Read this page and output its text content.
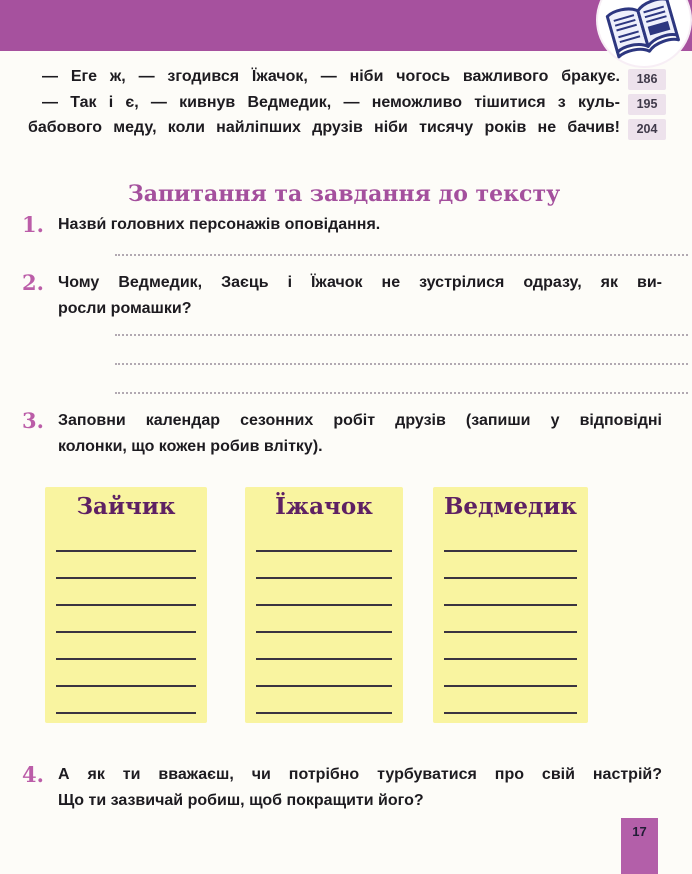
— Еге ж, — згодився Їжачок, — ніби чогось важливого бракує.
— Так і є, — кивнув Ведмедик, — неможливо тішитися з куль-
бабового меду, коли найліпших друзів ніби тисячу років не бачив!
186
195
204
Запитання та завдання до тексту
1. Назви́ головних персонажів оповідання.
2. Чому Ведмедик, Заєць і Їжачок не зустрілися одразу, як ви-
росли ромашки?
3. Заповни календар сезонних робіт друзів (запиши у відповідні
колонки, що кожен робив влітку).
Зайчик	Їжачок	Ведмедик
4. А як ти вважаєш, чи потрібно турбуватися про свій настрій?
Що ти зазвичай робиш, щоб покращити його?
17
